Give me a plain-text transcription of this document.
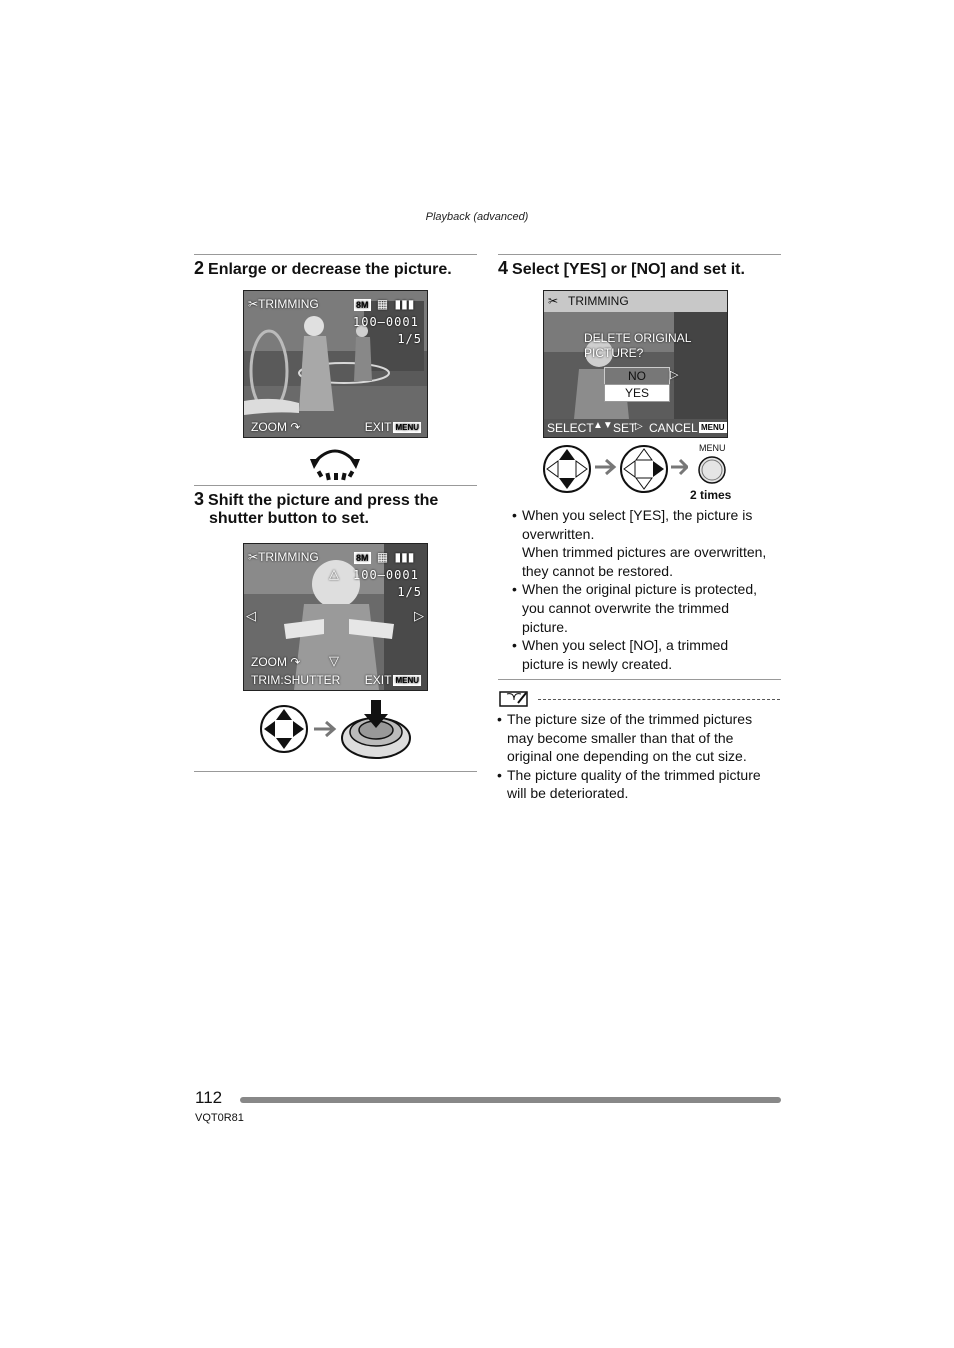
Playback (advanced)
2 Enlarge or decrease the picture.
✂TRIMMING	8M ▦ ▮▮▮
100–0001
1/5
ZOOM ↷	EXIT MENU
3 Shift the picture and press the
shutter button to set.
✂TRIMMING	8M ▦ ▮▮▮
100–0001
1/5
△
◁	▷
▽
ZOOM ↷
TRIM:SHUTTER EXIT MENU
4 Select [YES] or [NO] and set it.
✂ TRIMMING
DELETE ORIGINAL
PICTURE?
NO	▷
YES
SELECT ▲▼ SET
▷ CANCEL MENU
MENU
2 times
• When you select [YES], the picture is
overwritten.
When trimmed pictures are overwritten,
they cannot be restored.
• When the original picture is protected,
you cannot overwrite the trimmed
picture.
• When you select [NO], a trimmed
picture is newly created.
• The picture size of the trimmed pictures
may become smaller than that of the
original one depending on the cut size.
• The picture quality of the trimmed picture
will be deteriorated.
112
VQT0R81
